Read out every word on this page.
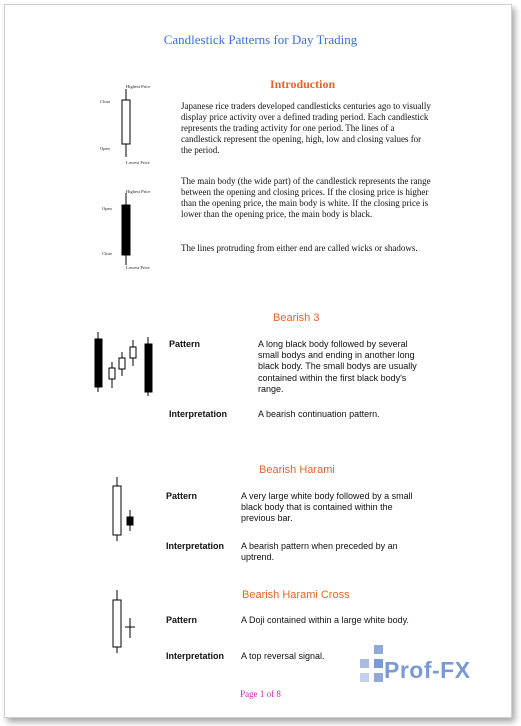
Candlestick Patterns for Day Trading
Highest Price
Close
Open
Lowest Price
Highest Price
Open
Close
Lowest Price
Introduction

Japanese rice traders developed candlesticks centuries ago to visually display price activity over a defined trading period. Each candlestick represents the trading activity for one period. The lines of a candlestick represent the opening, high, low and closing values for the period.

The main body (the wide part) of the candlestick represents the range between the opening and closing prices. If the closing price is higher than the opening price, the main body is white. If the closing price is lower than the opening price, the main body is black.

The lines protruding from either end are called wicks or shadows.

Bearish 3
Pattern	A long black body followed by several small bodys and ending in another long black body. The small bodys are usually contained within the first black body's range.

Interpretation	A bearish continuation pattern.

Bearish Harami
Pattern	A very large white body followed by a small black body that is contained within the previous bar.

Interpretation A bearish pattern when preceded by an uptrend.

Bearish Harami Cross
Pattern	A Doji contained within a large white body.

Interpretation A top reversal signal.

Prof-FX
Page 1 of 8
